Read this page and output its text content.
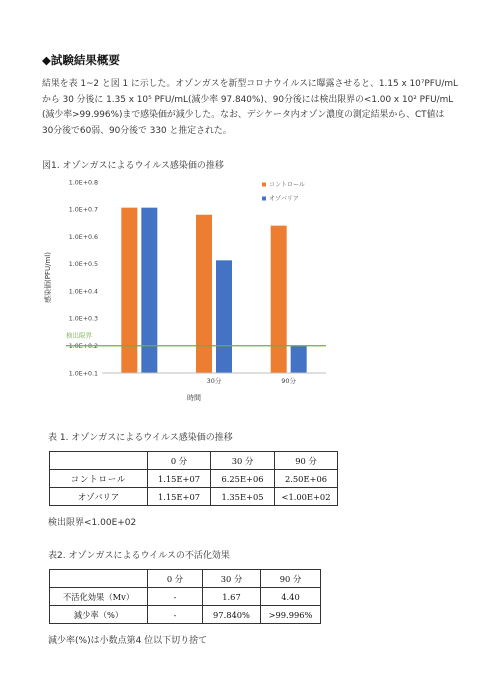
◆試験結果概要

結果を表 1~2 と図 1 に示した。オゾンガスを新型コロナウイルスに曝露させると、1.15 x 10⁷PFU/mL

から 30 分後に 1.35 x 10⁵ PFU/mL(減少率 97.840%)、90分後には検出限界の<1.00 x 10² PFU/mL

(減少率>99.996%)まで感染価が減少した。なお、デシケータ内オゾン濃度の測定結果から、CT値は

30分後で60弱、90分後で 330 と推定された。

図1. オゾンガスによるウイルス感染価の推移
1.0E+0.1
1.0E+0.2
1.0E+0.3
1.0E+0.4
1.0E+0.5
1.0E+0.6
1.0E+0.7
1.0E+0.8
30分	90分
検出限界
時間
感染価(PFU/ml)
コントロール
オゾバリア
表 1. オゾンガスによるウイルス感染価の推移
	0 分	30 分	90 分
コントロール	1.15E+07	6.25E+06	2.50E+06
オゾバリア	1.15E+07	1.35E+05	<1.00E+02
検出限界<1.00E+02
表2. オゾンガスによるウイルスの不活化効果
	0 分	30 分	90 分
不活化効果（Mv）	-	1.67	4.40
減少率（%）	-	97.840%	>99.996%
減少率(%)は小数点第4 位以下切り捨て
